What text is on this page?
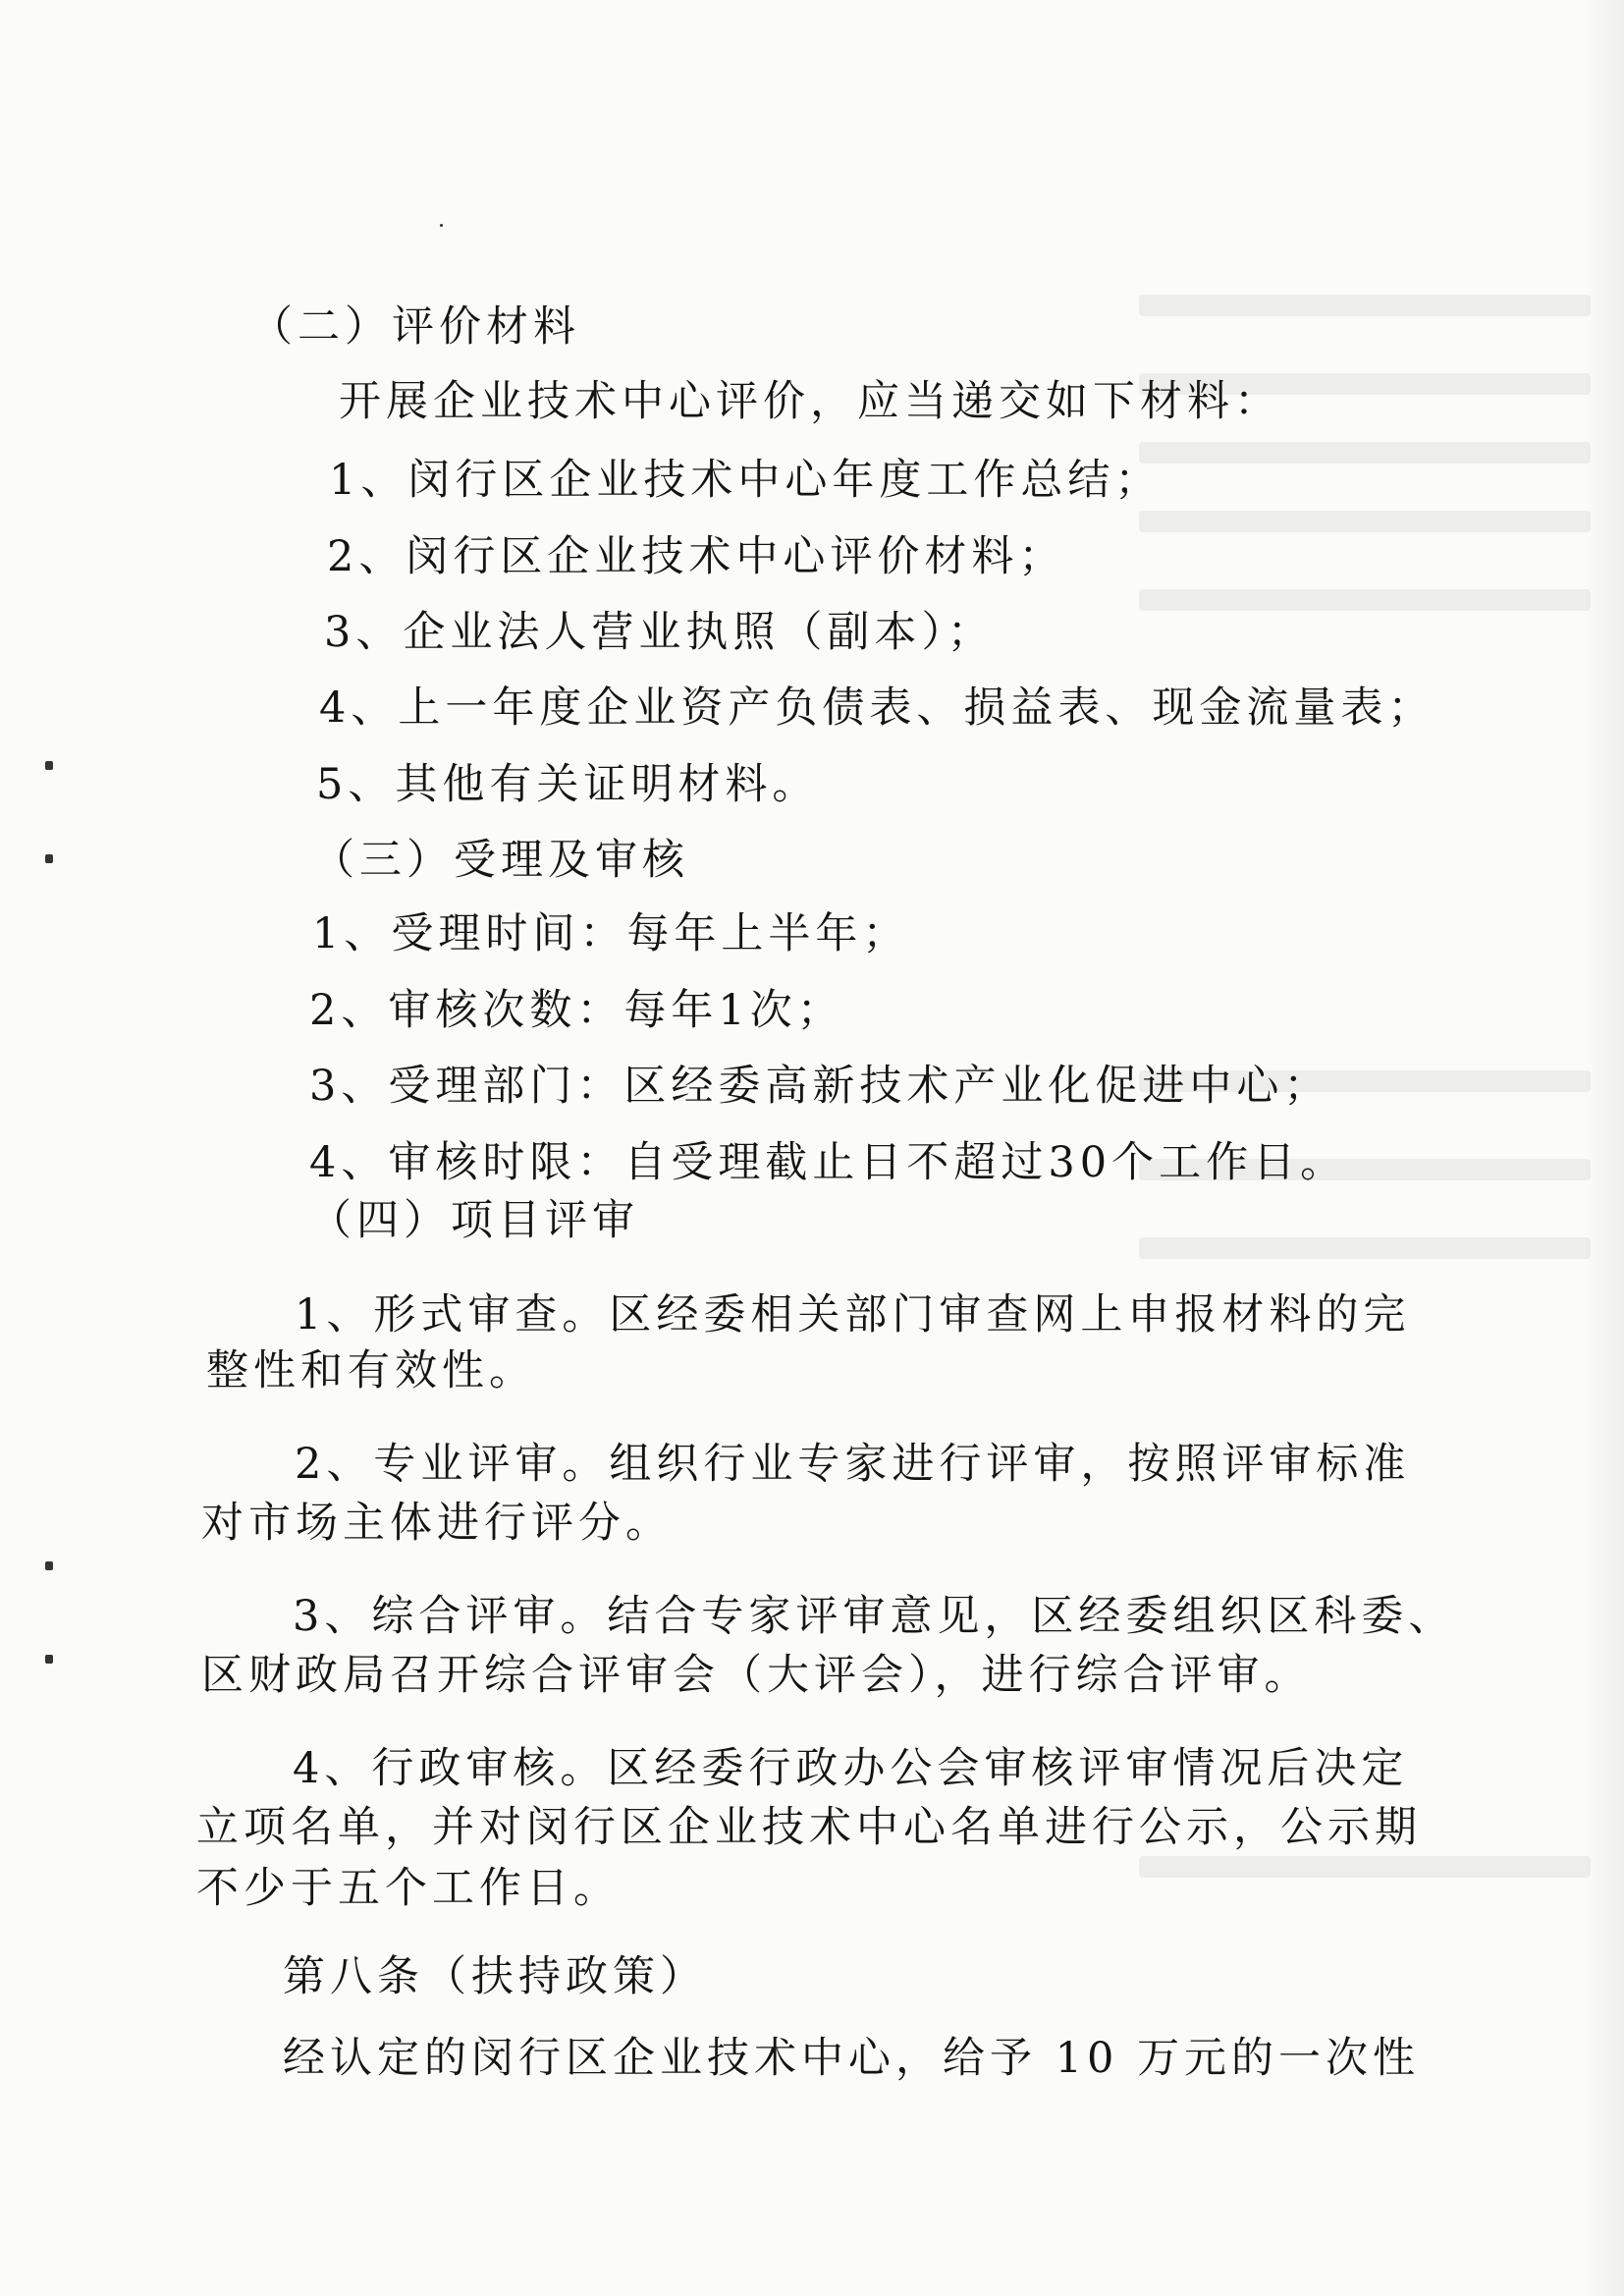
（二）评价材料
开展企业技术中心评价，应当递交如下材料：
1、闵行区企业技术中心年度工作总结；
2、闵行区企业技术中心评价材料；
3、企业法人营业执照（副本）；
4、上一年度企业资产负债表、损益表、现金流量表；
5、其他有关证明材料。
（三）受理及审核
1、受理时间：每年上半年；
2、审核次数：每年1次；
3、受理部门：区经委高新技术产业化促进中心；
4、审核时限：自受理截止日不超过30个工作日。
（四）项目评审
1、形式审查。区经委相关部门审查网上申报材料的完
整性和有效性。
2、专业评审。组织行业专家进行评审，按照评审标准
对市场主体进行评分。
3、综合评审。结合专家评审意见，区经委组织区科委、
区财政局召开综合评审会（大评会），进行综合评审。
4、行政审核。区经委行政办公会审核评审情况后决定
立项名单，并对闵行区企业技术中心名单进行公示，公示期
不少于五个工作日。
第八条（扶持政策）
经认定的闵行区企业技术中心，给予 10 万元的一次性
